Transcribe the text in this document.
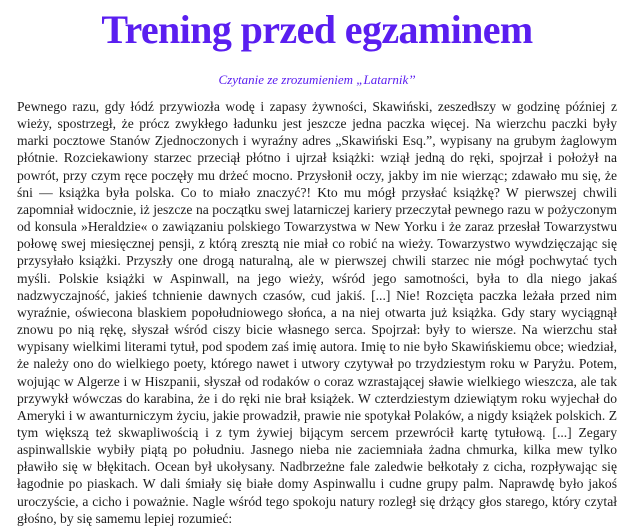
Trening przed egzaminem

Czytanie ze zrozumieniem „Latarnik’’

Pewnego razu, gdy łódź przywiozła wodę i zapasy żywności, Skawiński, zeszedłszy w godzinę później z wieży, spostrzegł, że prócz zwykłego ładunku jest jeszcze jedna paczka więcej. Na wierzchu paczki były marki pocztowe Stanów Zjednoczonych i wyraźny adres „Skawiński Esq.”, wypisany na grubym żaglowym płótnie. Rozciekawiony starzec przeciął płótno i ujrzał książki: wziął jedną do ręki, spojrzał i położył na powrót, przy czym ręce poczęły mu drżeć mocno. Przysłonił oczy, jakby im nie wierząc; zdawało mu się, że śni — książka była polska. Co to miało znaczyć?! Kto mu mógł przysłać książkę? W pierwszej chwili zapomniał widocznie, iż jeszcze na początku swej latarniczej kariery przeczytał pewnego razu w pożyczonym od konsula »Heraldzie« o zawiązaniu polskiego Towarzystwa w New Yorku i że zaraz przesłał Towarzystwu połowę swej miesięcznej pensji, z którą zresztą nie miał co robić na wieży. Towarzystwo wywdzięczając się przysyłało książki. Przyszły one drogą naturalną, ale w pierwszej chwili starzec nie mógł pochwytać tych myśli. Polskie książki w Aspinwall, na jego wieży, wśród jego samotności, była to dla niego jakaś nadzwyczajność, jakieś tchnienie dawnych czasów, cud jakiś. [...] Nie! Rozcięta paczka leżała przed nim wyraźnie, oświecona blaskiem popołudniowego słońca, a na niej otwarta już książka. Gdy stary wyciągnął znowu po nią rękę, słyszał wśród ciszy bicie własnego serca. Spojrzał: były to wiersze. Na wierzchu stał wypisany wielkimi literami tytuł, pod spodem zaś imię autora. Imię to nie było Skawińskiemu obce; wiedział, że należy ono do wielkiego poety, którego nawet i utwory czytywał po trzydziestym roku w Paryżu. Potem, wojując w Algerze i w Hiszpanii, słyszał od rodaków o coraz wzrastającej sławie wielkiego wieszcza, ale tak przywykł wówczas do karabina, że i do ręki nie brał książek. W czterdziestym dziewiątym roku wyjechał do Ameryki i w awanturniczym życiu, jakie prowadził, prawie nie spotykał Polaków, a nigdy książek polskich. Z tym większą też skwapliwością i z tym żywiej bijącym sercem przewrócił kartę tytułową. [...] Zegary aspinwallskie wybiły piątą po południu. Jasnego nieba nie zaciemniała żadna chmurka, kilka mew tylko pławiło się w błękitach. Ocean był ukołysany. Nadbrzeżne fale zaledwie bełkotały z cicha, rozpływając się łagodnie po piaskach. W dali śmiały się białe domy Aspinwallu i cudne grupy palm. Naprawdę było jakoś uroczyście, a cicho i poważnie. Nagle wśród tego spokoju natury rozległ się drżący głos starego, który czytał głośno, by się samemu lepiej rozumieć:
